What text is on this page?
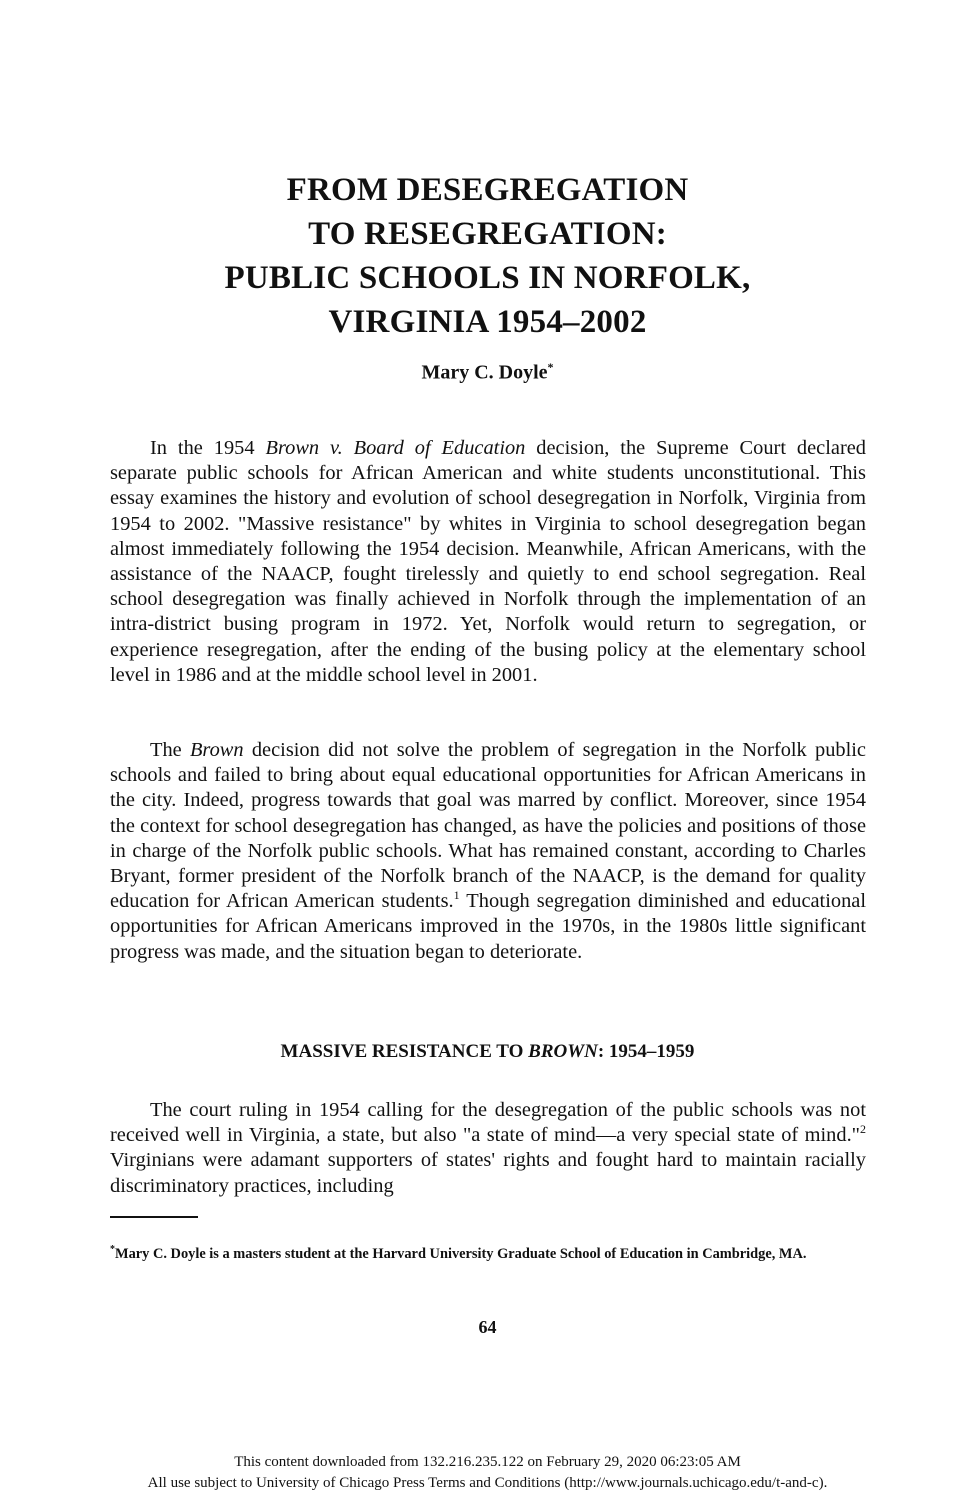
FROM DESEGREGATION
TO RESEGREGATION:
PUBLIC SCHOOLS IN NORFOLK,
VIRGINIA 1954–2002
Mary C. Doyle*

In the 1954 Brown v. Board of Education decision, the Supreme Court declared separate public schools for African American and white students unconstitutional. This essay examines the history and evolution of school desegregation in Norfolk, Virginia from 1954 to 2002. "Massive resistance" by whites in Virginia to school desegregation began almost immediately following the 1954 decision. Meanwhile, African Americans, with the assistance of the NAACP, fought tirelessly and quietly to end school segregation. Real school desegregation was finally achieved in Norfolk through the implementation of an intra-district busing program in 1972. Yet, Norfolk would return to segregation, or experience resegregation, after the ending of the busing policy at the elementary school level in 1986 and at the middle school level in 2001.

The Brown decision did not solve the problem of segregation in the Norfolk public schools and failed to bring about equal educational opportunities for African Americans in the city. Indeed, progress towards that goal was marred by conflict. Moreover, since 1954 the context for school desegregation has changed, as have the policies and positions of those in charge of the Norfolk public schools. What has remained constant, according to Charles Bryant, former president of the Norfolk branch of the NAACP, is the demand for quality education for African American students.$^1$ Though segregation diminished and educational opportunities for African Americans improved in the 1970s, in the 1980s little significant progress was made, and the situation began to deteriorate.

MASSIVE RESISTANCE TO BROWN: 1954–1959

The court ruling in 1954 calling for the desegregation of the public schools was not received well in Virginia, a state, but also "a state of mind—a very special state of mind."$^2$ Virginians were adamant supporters of states' rights and fought hard to maintain racially discriminatory practices, including

*Mary C. Doyle is a masters student at the Harvard University Graduate School of Education in Cambridge, MA.
64
This content downloaded from 132.216.235.122 on February 29, 2020 06:23:05 AM
All use subject to University of Chicago Press Terms and Conditions (http://www.journals.uchicago.edu/t-and-c).
